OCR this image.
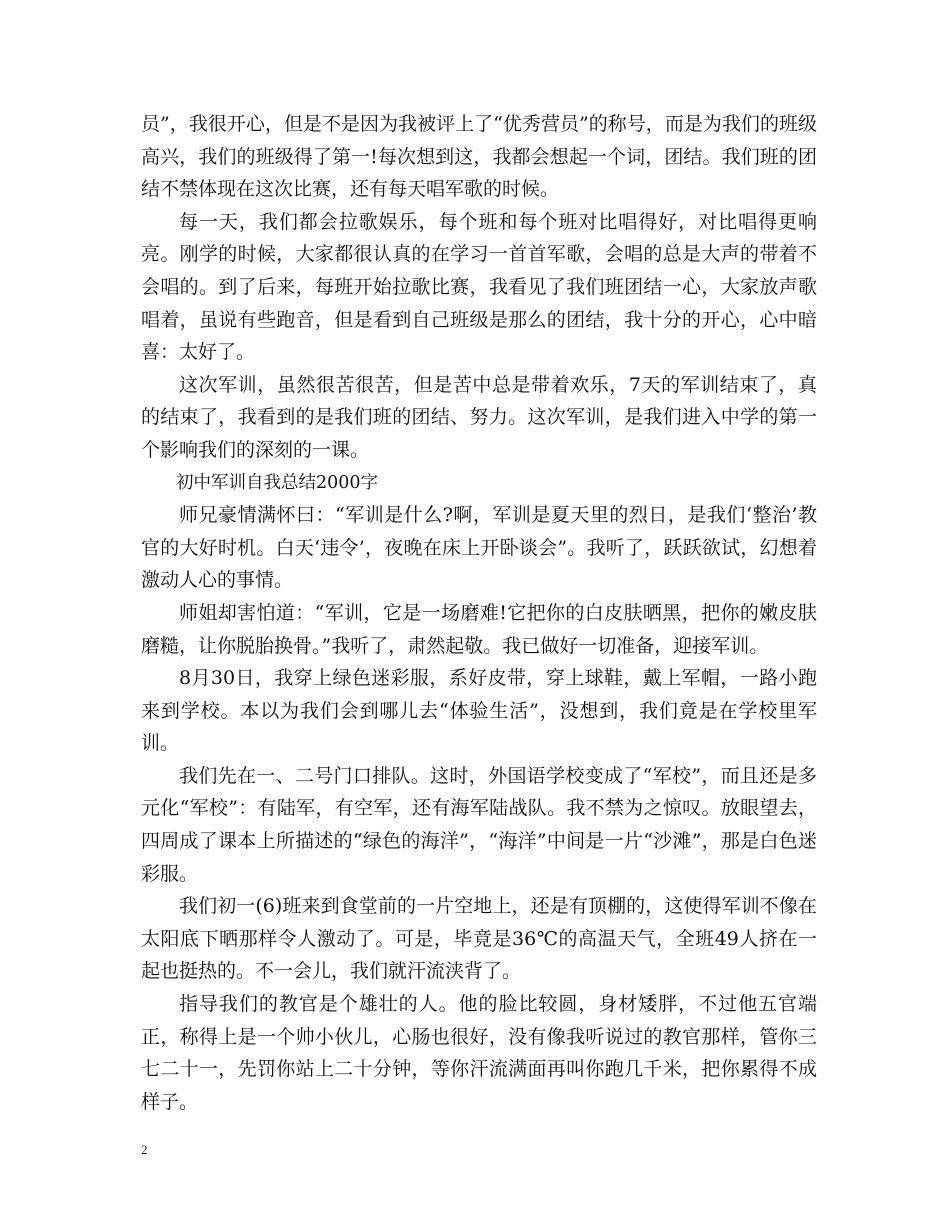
员”，我很开心，但是不是因为我被评上了“优秀营员”的称号，而是为我们的班级高兴，我们的班级得了第一!每次想到这，我都会想起一个词，团结。我们班的团结不禁体现在这次比赛，还有每天唱军歌的时候。

每一天，我们都会拉歌娱乐，每个班和每个班对比唱得好，对比唱得更响亮。刚学的时候，大家都很认真的在学习一首首军歌，会唱的总是大声的带着不会唱的。到了后来，每班开始拉歌比赛，我看见了我们班团结一心，大家放声歌唱着，虽说有些跑音，但是看到自己班级是那么的团结，我十分的开心，心中暗喜：太好了。

这次军训，虽然很苦很苦，但是苦中总是带着欢乐，7天的军训结束了，真的结束了，我看到的是我们班的团结、努力。这次军训，是我们进入中学的第一个影响我们的深刻的一课。

初中军训自我总结2000字

师兄豪情满怀曰：“军训是什么?啊，军训是夏天里的烈日，是我们‘整治’教官的大好时机。白天‘违令’，夜晚在床上开卧谈会”。我听了，跃跃欲试，幻想着激动人心的事情。

师姐却害怕道：“军训，它是一场磨难!它把你的白皮肤晒黑，把你的嫩皮肤磨糙，让你脱胎换骨。”我听了，肃然起敬。我已做好一切准备，迎接军训。

8月30日，我穿上绿色迷彩服，系好皮带，穿上球鞋，戴上军帽，一路小跑来到学校。本以为我们会到哪儿去“体验生活”，没想到，我们竟是在学校里军训。

我们先在一、二号门口排队。这时，外国语学校变成了“军校”，而且还是多元化“军校”：有陆军，有空军，还有海军陆战队。我不禁为之惊叹。放眼望去，四周成了课本上所描述的“绿色的海洋”，“海洋”中间是一片“沙滩”，那是白色迷彩服。

我们初一(6)班来到食堂前的一片空地上，还是有顶棚的，这使得军训不像在太阳底下晒那样令人激动了。可是，毕竟是36℃的高温天气，全班49人挤在一起也挺热的。不一会儿，我们就汗流浃背了。

指导我们的教官是个雄壮的人。他的脸比较圆，身材矮胖，不过他五官端正，称得上是一个帅小伙儿，心肠也很好，没有像我听说过的教官那样，管你三七二十一，先罚你站上二十分钟，等你汗流满面再叫你跑几千米，把你累得不成样子。

2
